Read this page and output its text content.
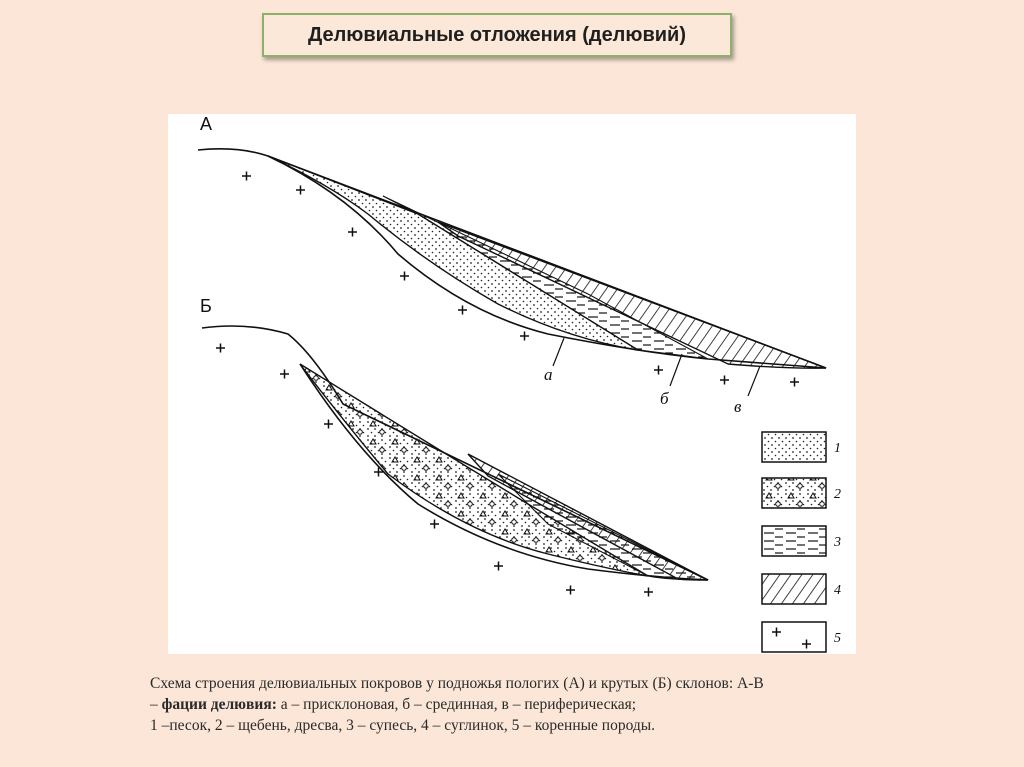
Делювиальные отложения (делювий)
А
а
б	в
Б
1
2
3
4
5
Схема строения делювиальных покровов у подножья пологих (А) и крутых (Б) склонов: А-В
– фации делювия: а – присклоновая, б – срединная, в – периферическая;
1 –песок, 2 – щебень, дресва, 3 – супесь, 4 – суглинок, 5 – коренные породы.
